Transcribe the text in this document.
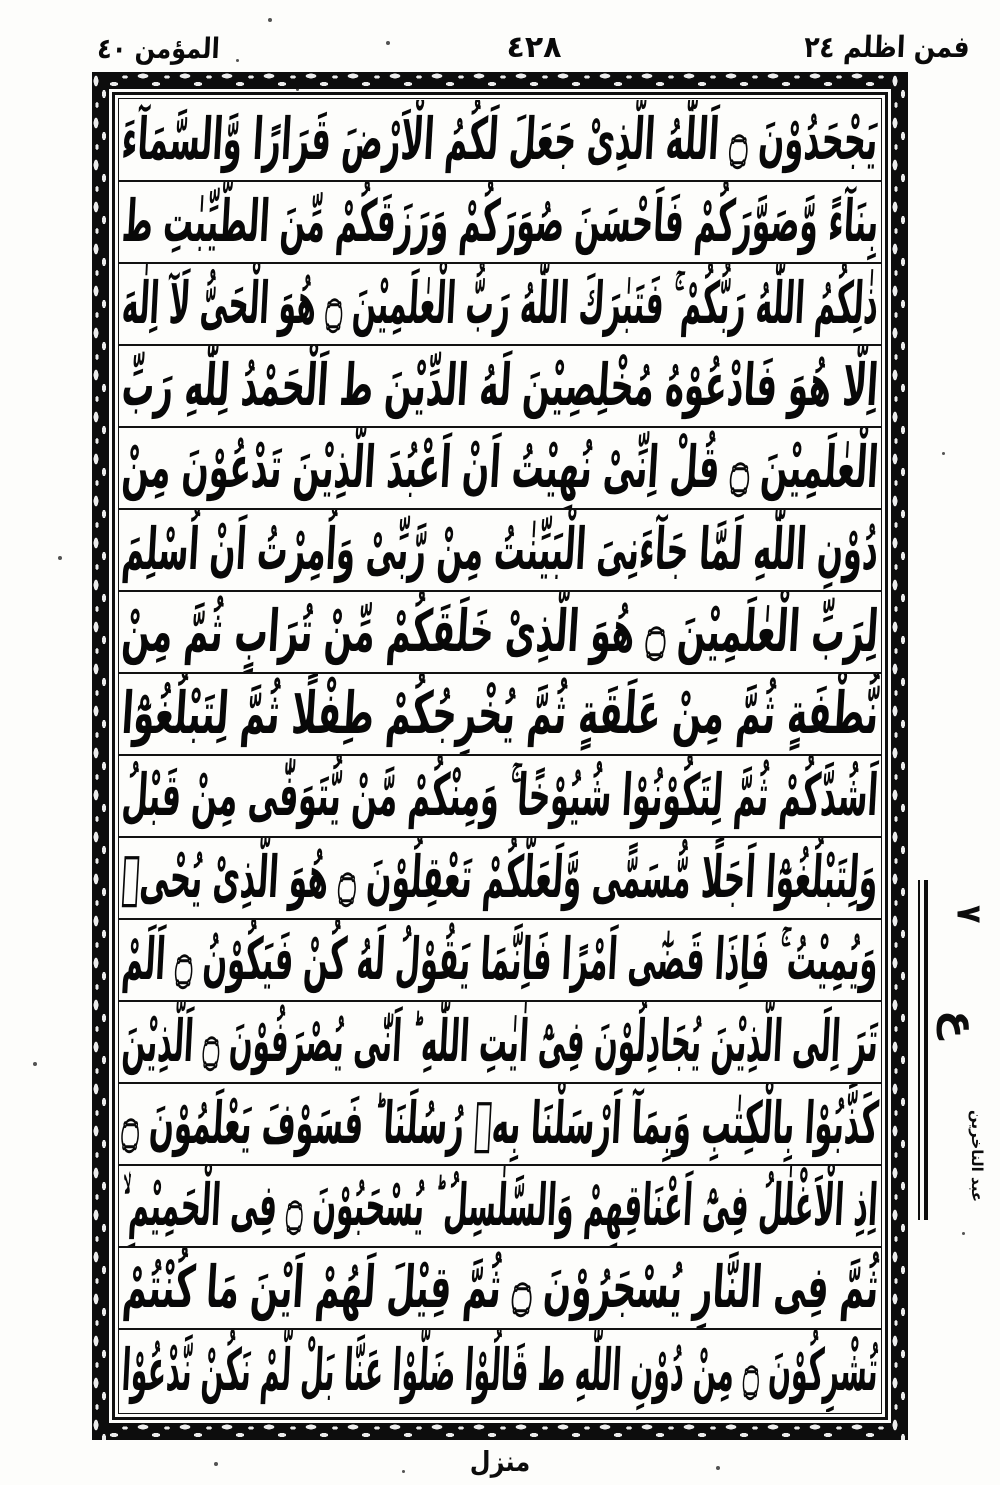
فمن اظلم ٢٤
٤٢٨
المؤمن ٤٠
يَجْحَدُوْنَ ۝ اَللّٰهُ الَّذِىْ جَعَلَ لَكُمُ الْاَرْضَ قَرَارًا وَّالسَّمَآءَ
بِنَآءً وَّصَوَّرَكُمْ فَاَحْسَنَ صُوَرَكُمْ وَرَزَقَكُمْ مِّنَ الطَّيِّبٰتِ ط
ذٰلِكُمُ اللّٰهُ رَبُّكُمْ ۚ فَتَبٰرَكَ اللّٰهُ رَبُّ الْعٰلَمِيْنَ ۝ هُوَ الْحَىُّ لَآ اِلٰهَ
اِلَّا هُوَ فَادْعُوْهُ مُخْلِصِيْنَ لَهُ الدِّيْنَ ط اَلْحَمْدُ لِلّٰهِ رَبِّ
الْعٰلَمِيْنَ ۝ قُلْ اِنِّىْ نُهِيْتُ اَنْ اَعْبُدَ الَّذِيْنَ تَدْعُوْنَ مِنْ
دُوْنِ اللّٰهِ لَمَّا جَآءَنِىَ الْبَيِّنٰتُ مِنْ رَّبِّىْ وَاُمِرْتُ اَنْ اُسْلِمَ
لِرَبِّ الْعٰلَمِيْنَ ۝ هُوَ الَّذِىْ خَلَقَكُمْ مِّنْ تُرَابٍ ثُمَّ مِنْ
نُّطْفَةٍ ثُمَّ مِنْ عَلَقَةٍ ثُمَّ يُخْرِجُكُمْ طِفْلًا ثُمَّ لِتَبْلُغُوْٓا
اَشُدَّكُمْ ثُمَّ لِتَكُوْنُوْا شُيُوْخًا ۚ وَمِنْكُمْ مَّنْ يُّتَوَفّٰى مِنْ قَبْلُ
وَلِتَبْلُغُوْٓا اَجَلًا مُّسَمًّى وَّلَعَلَّكُمْ تَعْقِلُوْنَ ۝ هُوَ الَّذِىْ يُحْىٖ
وَيُمِيْتُ ۚ فَاِذَا قَضٰٓى اَمْرًا فَاِنَّمَا يَقُوْلُ لَهُ كُنْ فَيَكُوْنُ ۝ اَلَمْ
تَرَ اِلَى الَّذِيْنَ يُجَادِلُوْنَ فِىْٓ اٰيٰتِ اللّٰهِ ؕ اَنّٰى يُصْرَفُوْنَ ۝ اَلَّذِيْنَ
كَذَّبُوْا بِالْكِتٰبِ وَبِمَآ اَرْسَلْنَا بِهٖ رُسُلَنَا ؕ فَسَوْفَ يَعْلَمُوْنَ ۝
اِذِ الْاَغْلٰلُ فِىْٓ اَعْنَاقِهِمْ وَالسَّلٰسِلُ ؕ يُسْحَبُوْنَ ۝ فِى الْحَمِيْمِ ۙ
ثُمَّ فِى النَّارِ يُسْجَرُوْنَ ۝ ثُمَّ قِيْلَ لَهُمْ اَيْنَ مَا كُنْتُمْ
تُشْرِكُوْنَ ۝ مِنْ دُوْنِ اللّٰهِ ط قَالُوْا ضَلُّوْا عَنَّا بَلْ لَّمْ نَكُنْ نَّدْعُوْا
٧
ع
عبد الناخرين
منزل
